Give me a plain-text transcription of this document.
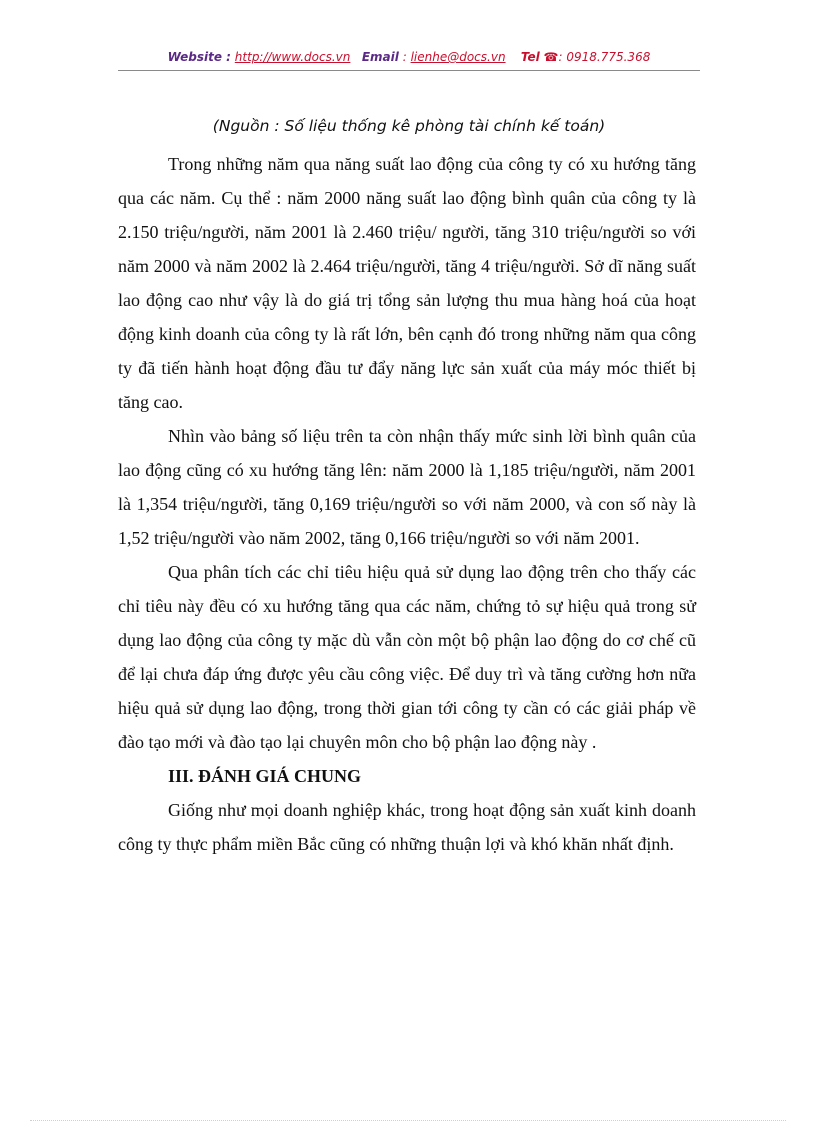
Website : http://www.docs.vn Email : lienhe@docs.vn Tel ☎: 0918.775.368
(Nguồn : Số liệu thống kê phòng tài chính kế toán)

Trong những năm qua năng suất lao động của công ty có xu hướng tăng qua các năm. Cụ thể : năm 2000 năng suất lao động bình quân của công ty là 2.150 triệu/người, năm 2001 là 2.460 triệu/ người, tăng 310 triệu/người so với năm 2000 và năm 2002 là 2.464 triệu/người, tăng 4 triệu/người. Sở dĩ năng suất lao động cao như vậy là do giá trị tổng sản lượng thu mua hàng hoá của hoạt động kinh doanh của công ty là rất lớn, bên cạnh đó trong những năm qua công ty đã tiến hành hoạt động đầu tư đẩy năng lực sản xuất của máy móc thiết bị tăng cao.

Nhìn vào bảng số liệu trên ta còn nhận thấy mức sinh lời bình quân của lao động cũng có xu hướng tăng lên: năm 2000 là 1,185 triệu/người, năm 2001 là 1,354 triệu/người, tăng 0,169 triệu/người so với năm 2000, và con số này là 1,52 triệu/người vào năm 2002, tăng 0,166 triệu/người so với năm 2001.

Qua phân tích các chỉ tiêu hiệu quả sử dụng lao động trên cho thấy các chỉ tiêu này đều có xu hướng tăng qua các năm, chứng tỏ sự hiệu quả trong sử dụng lao động của công ty mặc dù vẫn còn một bộ phận lao động do cơ chế cũ để lại chưa đáp ứng được yêu cầu công việc. Để duy trì và tăng cường hơn nữa hiệu quả sử dụng lao động, trong thời gian tới công ty cần có các giải pháp về đào tạo mới và đào tạo lại chuyên môn cho bộ phận lao động này .

III. ĐÁNH GIÁ CHUNG

Giống như mọi doanh nghiệp khác, trong hoạt động sản xuất kinh doanh công ty thực phẩm miền Bắc cũng có những thuận lợi và khó khăn nhất định.
